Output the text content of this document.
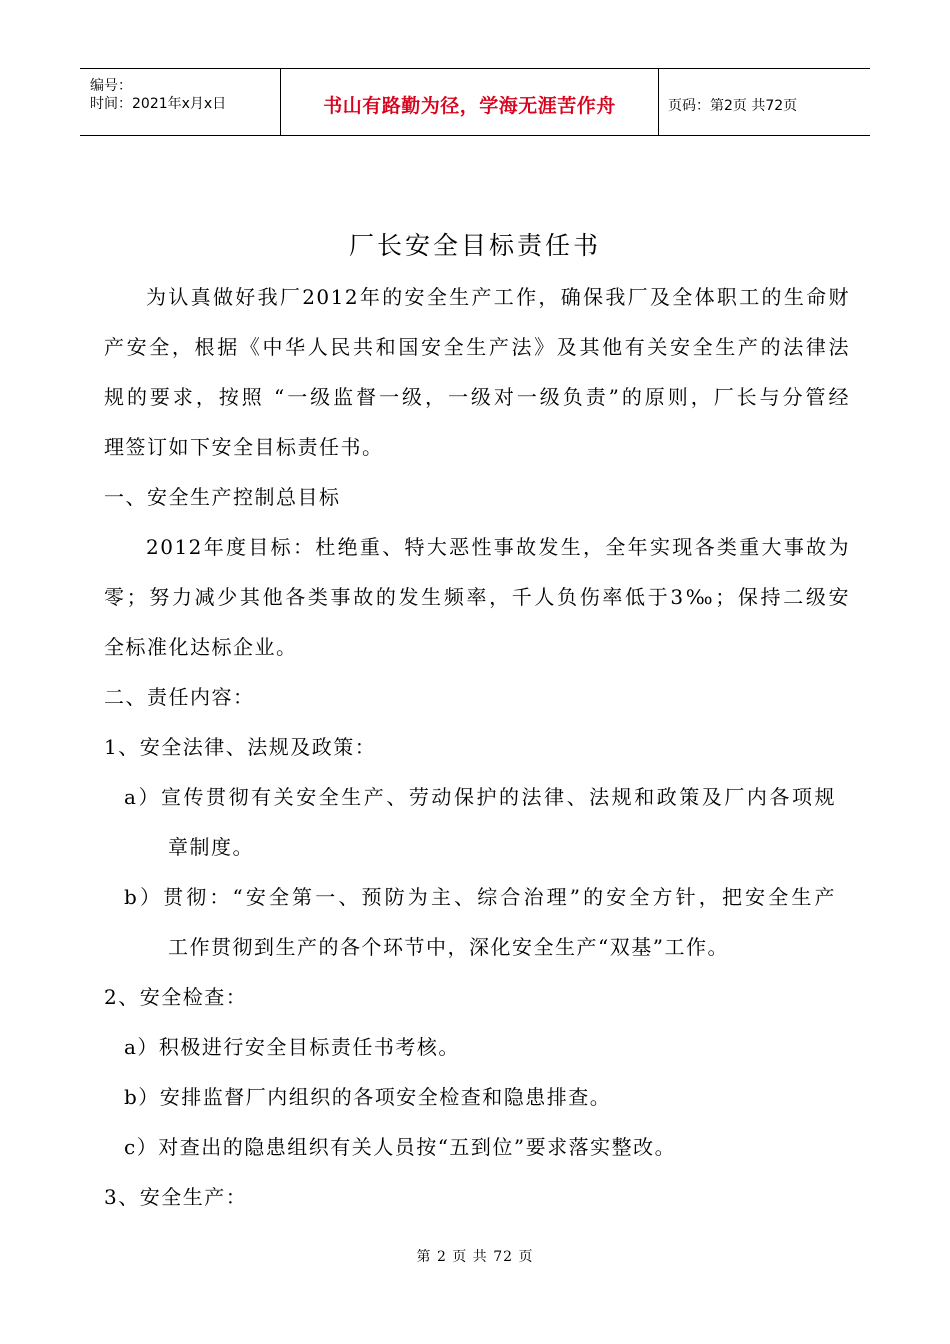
编号：
时间：2021年x月x日	书山有路勤为径，学海无涯苦作舟	页码：第2页 共72页
厂长安全目标责任书
为认真做好我厂2012年的安全生产工作，确保我厂及全体职工的生命财
产安全，根据《中华人民共和国安全生产法》及其他有关安全生产的法律法
规的要求，按照 “一级监督一级，一级对一级负责”的原则，厂长与分管经
理签订如下安全目标责任书。
一、安全生产控制总目标
2012年度目标：杜绝重、特大恶性事故发生，全年实现各类重大事故为
零；努力减少其他各类事故的发生频率，千人负伤率低于3‰；保持二级安
全标准化达标企业。
二、责任内容：
1、安全法律、法规及政策：
a）宣传贯彻有关安全生产、劳动保护的法律、法规和政策及厂内各项规
章制度。
b）贯彻：“安全第一、预防为主、综合治理”的安全方针，把安全生产
工作贯彻到生产的各个环节中，深化安全生产“双基”工作。
2、安全检查：
a）积极进行安全目标责任书考核。
b）安排监督厂内组织的各项安全检查和隐患排查。
c）对查出的隐患组织有关人员按“五到位”要求落实整改。
3、安全生产：
第 2 页 共 72 页
